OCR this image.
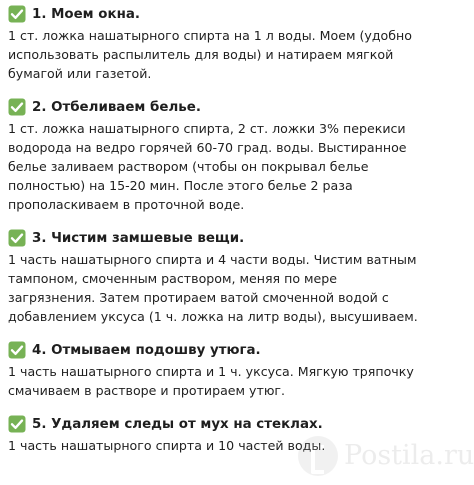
1. Моем окна.
1 ст. ложка нашатырного спирта на 1 л воды. Моем (удобно
использовать распылитель для воды) и натираем мягкой
бумагой или газетой.
2. Отбеливаем белье.
1 ст. ложка нашатырного спирта, 2 ст. ложки 3% перекиси
водорода на ведро горячей 60-70 град. воды. Выстиранное
белье заливаем раствором (чтобы он покрывал белье
полностью) на 15-20 мин. После этого белье 2 раза
прополаскиваем в проточной воде.
3. Чистим замшевые вещи.
1 часть нашатырного спирта и 4 части воды. Чистим ватным
тампоном, смоченным раствором, меняя по мере
загрязнения. Затем протираем ватой смоченной водой с
добавлением уксуса (1 ч. ложка на литр воды), высушиваем.
4. Отмываем подошву утюга.
1 часть нашатырного спирта и 1 ч. уксуса. Мягкую тряпочку
смачиваем в растворе и протираем утюг.
5. Удаляем следы от мух на стеклах.
1 часть нашатырного спирта и 10 частей воды. Postila.ru
